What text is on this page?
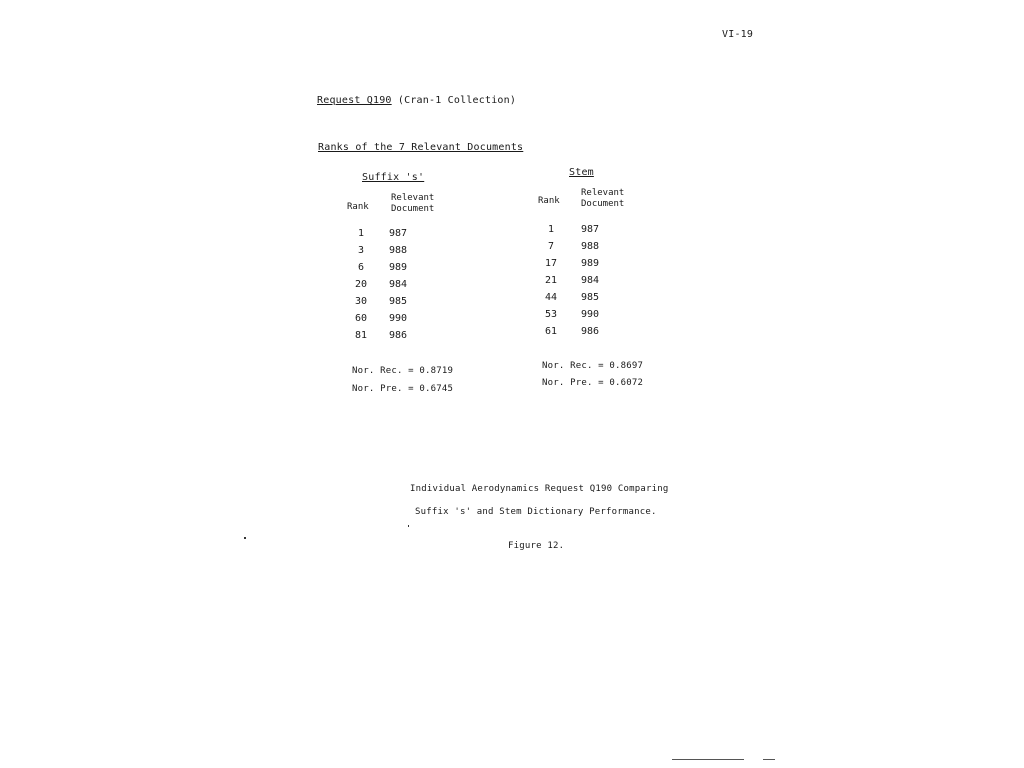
VI-19
Request Q190 (Cran-1 Collection)
Ranks of the 7 Relevant Documents
Suffix 's'
Rank
Relevant
Document
1 987
3 988
6 989
20 984
30 985
60 990
81 986
Nor. Rec. = 0.8719
Nor. Pre. = 0.6745
Stem
Rank
Relevant
Document
1	987
7	988
17 989
21 984
44 985
53 990
61 986
Nor. Rec. = 0.8697
Nor. Pre. = 0.6072
Individual Aerodynamics Request Q190 Comparing
Suffix 's' and Stem Dictionary Performance.
Figure 12.
